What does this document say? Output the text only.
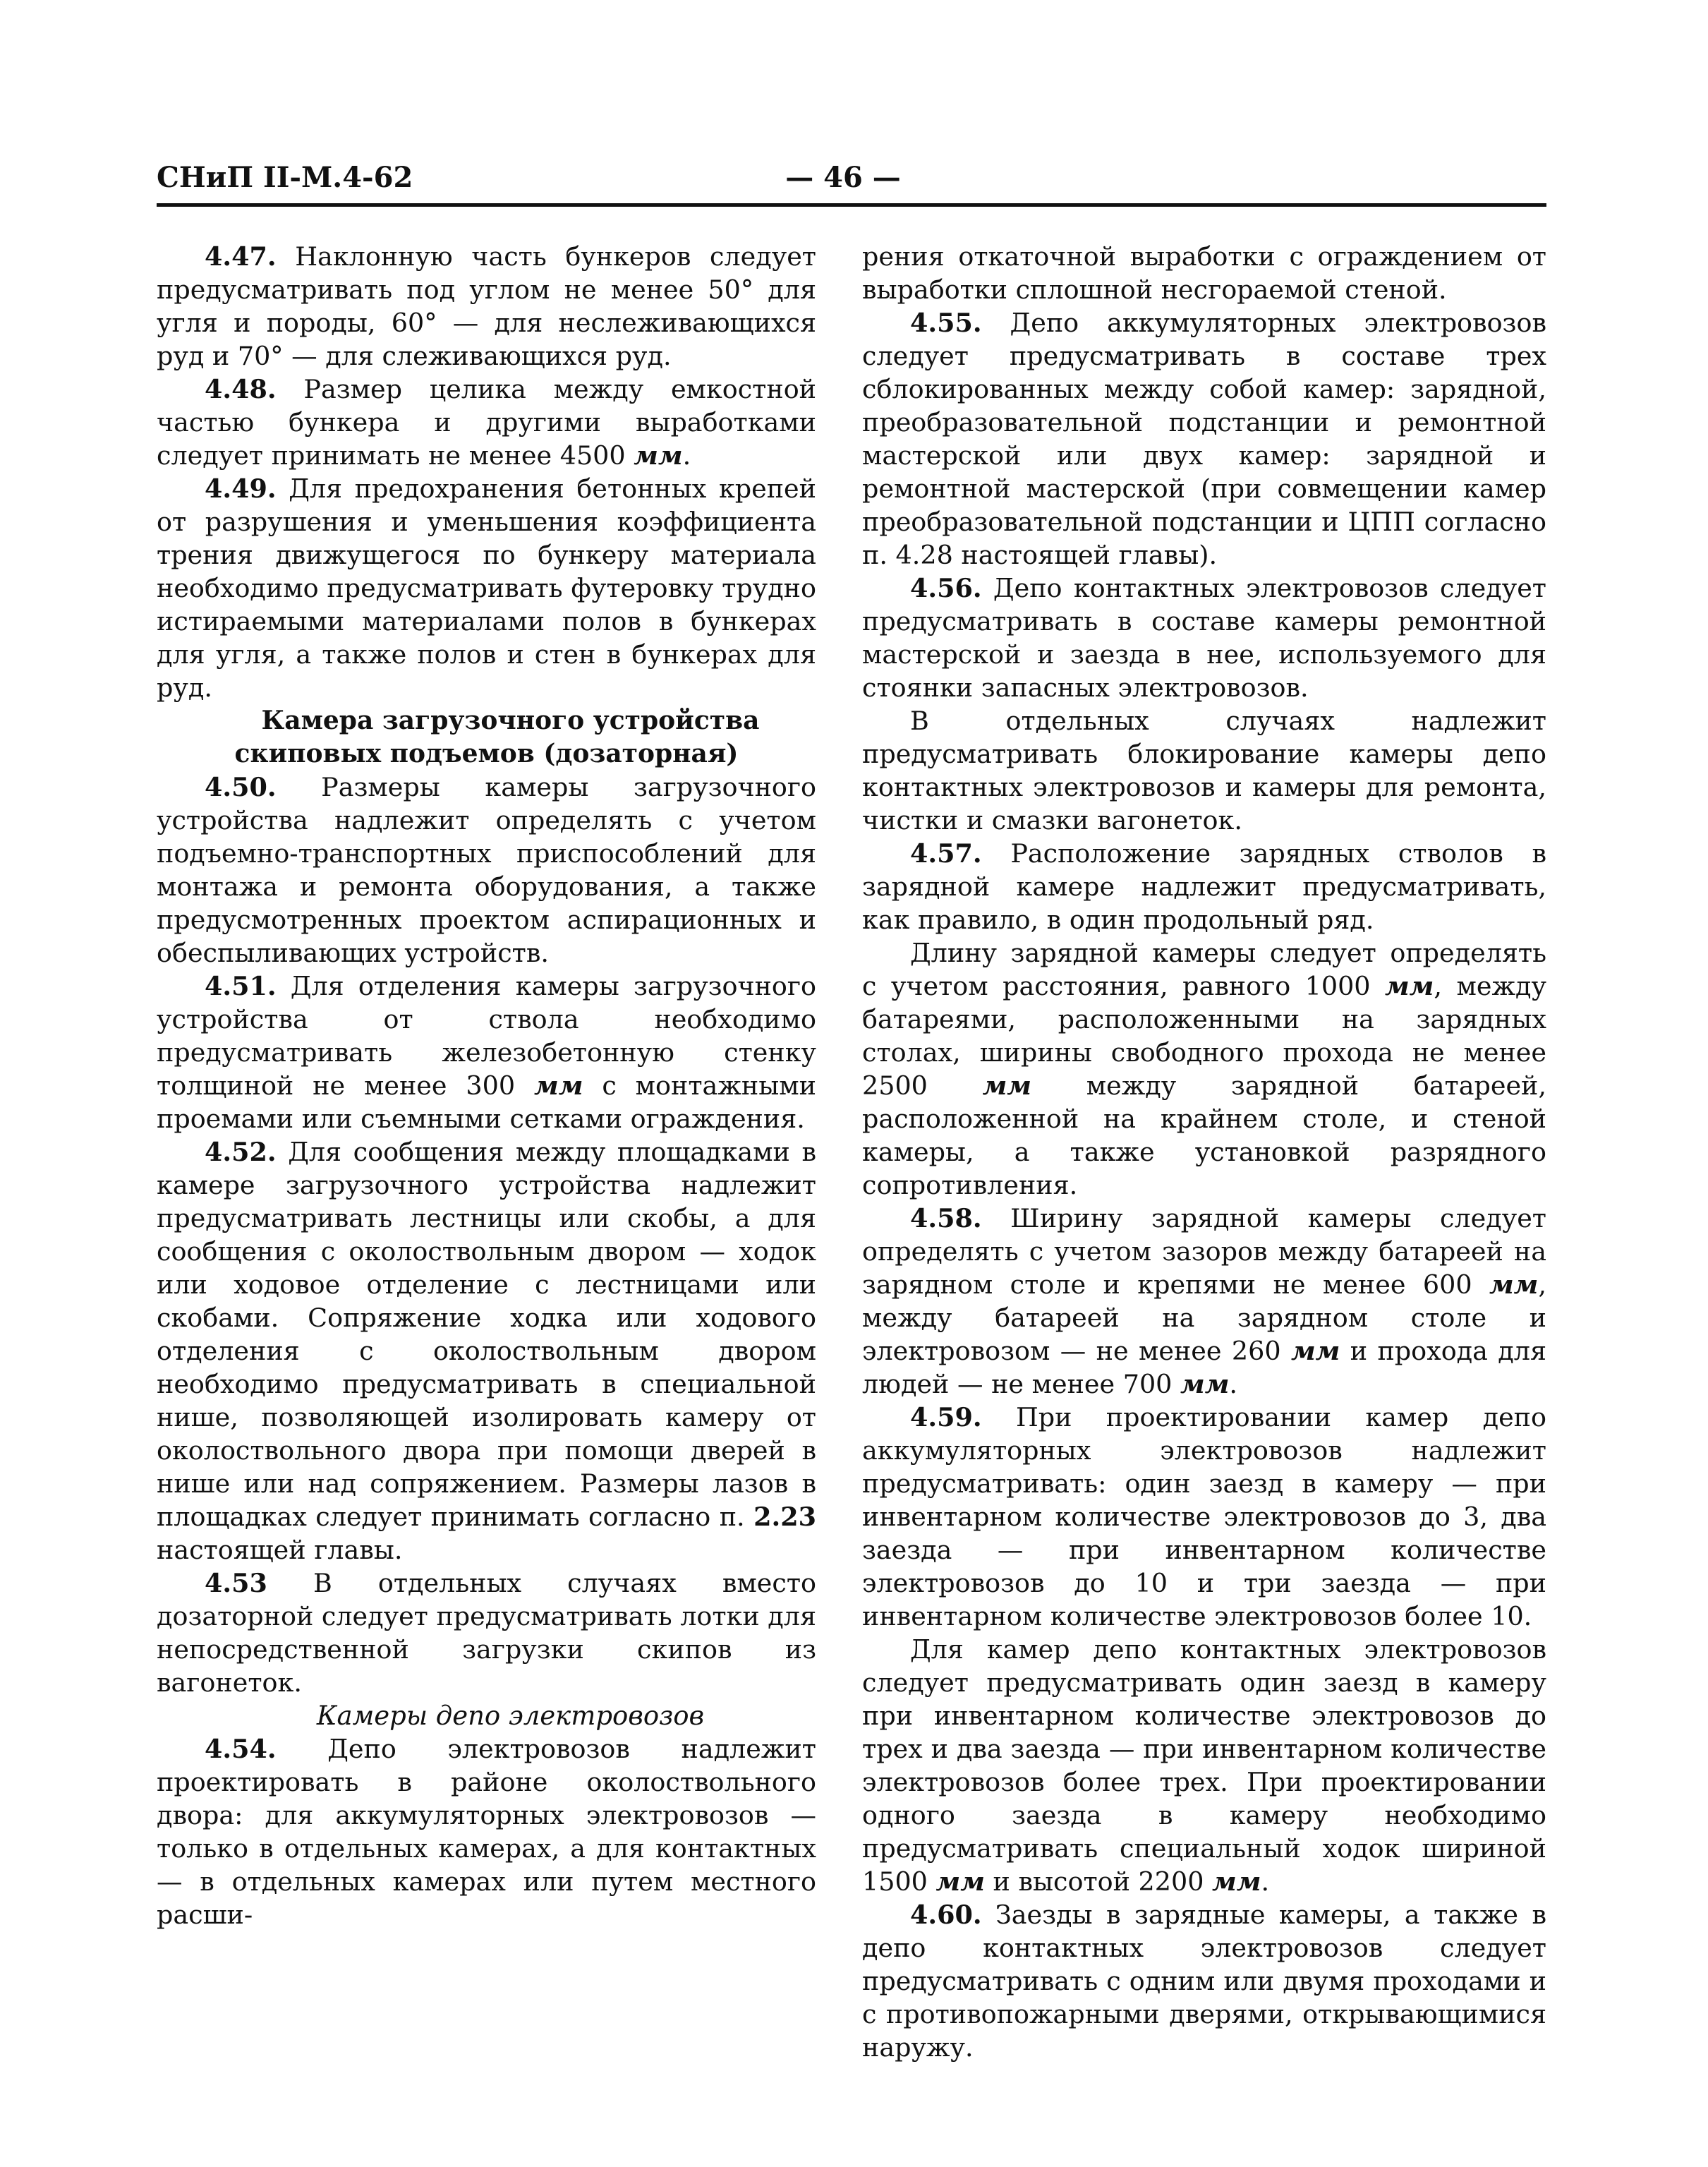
СНиП II-М.4-62	— 46 —

4.47. Наклонную часть бункеров следует предусматривать под углом не менее 50° для угля и породы, 60° — для неслеживающихся руд и 70° — для слеживающихся руд.

4.48. Размер целика между емкостной частью бункера и другими выработками следует принимать не менее 4500 мм.

4.49. Для предохранения бетонных крепей от разрушения и уменьшения коэффициента трения движущегося по бункеру материала необходимо предусматривать футеровку трудно истираемыми материалами полов в бункерах для угля, а также полов и стен в бункерах для руд.

Камера загрузочного устройства скиповых подъемов (дозаторная)

4.50. Размеры камеры загрузочного устройства надлежит определять с учетом подъемно-транспортных приспособлений для монтажа и ремонта оборудования, а также предусмотренных проектом аспирационных и обеспыливающих устройств.

4.51. Для отделения камеры загрузочного устройства от ствола необходимо предусматривать железобетонную стенку толщиной не менее 300 мм с монтажными проемами или съемными сетками ограждения.

4.52. Для сообщения между площадками в камере загрузочного устройства надлежит предусматривать лестницы или скобы, а для сообщения с околоствольным двором — ходок или ходовое отделение с лестницами или скобами. Сопряжение ходка или ходового отделения с околоствольным двором необходимо предусматривать в специальной нише, позволяющей изолировать камеру от околоствольного двора при помощи дверей в нише или над сопряжением. Размеры лазов в площадках следует принимать согласно п. 2.23 настоящей главы.

4.53 В отдельных случаях вместо дозаторной следует предусматривать лотки для непосредственной загрузки скипов из вагонеток.

Камеры депо электровозов

4.54. Депо электровозов надлежит проектировать в районе околоствольного двора: для аккумуляторных электровозов — только в отдельных камерах, а для контактных — в отдельных камерах или путем местного расши-

рения откаточной выработки с ограждением от выработки сплошной несгораемой стеной.

4.55. Депо аккумуляторных электровозов следует предусматривать в составе трех сблокированных между собой камер: зарядной, преобразовательной подстанции и ремонтной мастерской или двух камер: зарядной и ремонтной мастерской (при совмещении камер преобразовательной подстанции и ЦПП согласно п. 4.28 настоящей главы).

4.56. Депо контактных электровозов следует предусматривать в составе камеры ремонтной мастерской и заезда в нее, используемого для стоянки запасных электровозов.

В отдельных случаях надлежит предусматривать блокирование камеры депо контактных электровозов и камеры для ремонта, чистки и смазки вагонеток.

4.57. Расположение зарядных стволов в зарядной камере надлежит предусматривать, как правило, в один продольный ряд.

Длину зарядной камеры следует определять с учетом расстояния, равного 1000 мм, между батареями, расположенными на зарядных столах, ширины свободного прохода не менее 2500 мм между зарядной батареей, расположенной на крайнем столе, и стеной камеры, а также установкой разрядного сопротивления.

4.58. Ширину зарядной камеры следует определять с учетом зазоров между батареей на зарядном столе и крепями не менее 600 мм, между батареей на зарядном столе и электровозом — не менее 260 мм и прохода для людей — не менее 700 мм.

4.59. При проектировании камер депо аккумуляторных электровозов надлежит предусматривать: один заезд в камеру — при инвентарном количестве электровозов до 3, два заезда — при инвентарном количестве электровозов до 10 и три заезда — при инвентарном количестве электровозов более 10.

Для камер депо контактных электровозов следует предусматривать один заезд в камеру при инвентарном количестве электровозов до трех и два заезда — при инвентарном количестве электровозов более трех. При проектировании одного заезда в камеру необходимо предусматривать специальный ходок шириной 1500 мм и высотой 2200 мм.

4.60. Заезды в зарядные камеры, а также в депо контактных электровозов следует предусматривать с одним или двумя проходами и с противопожарными дверями, открывающимися наружу.
